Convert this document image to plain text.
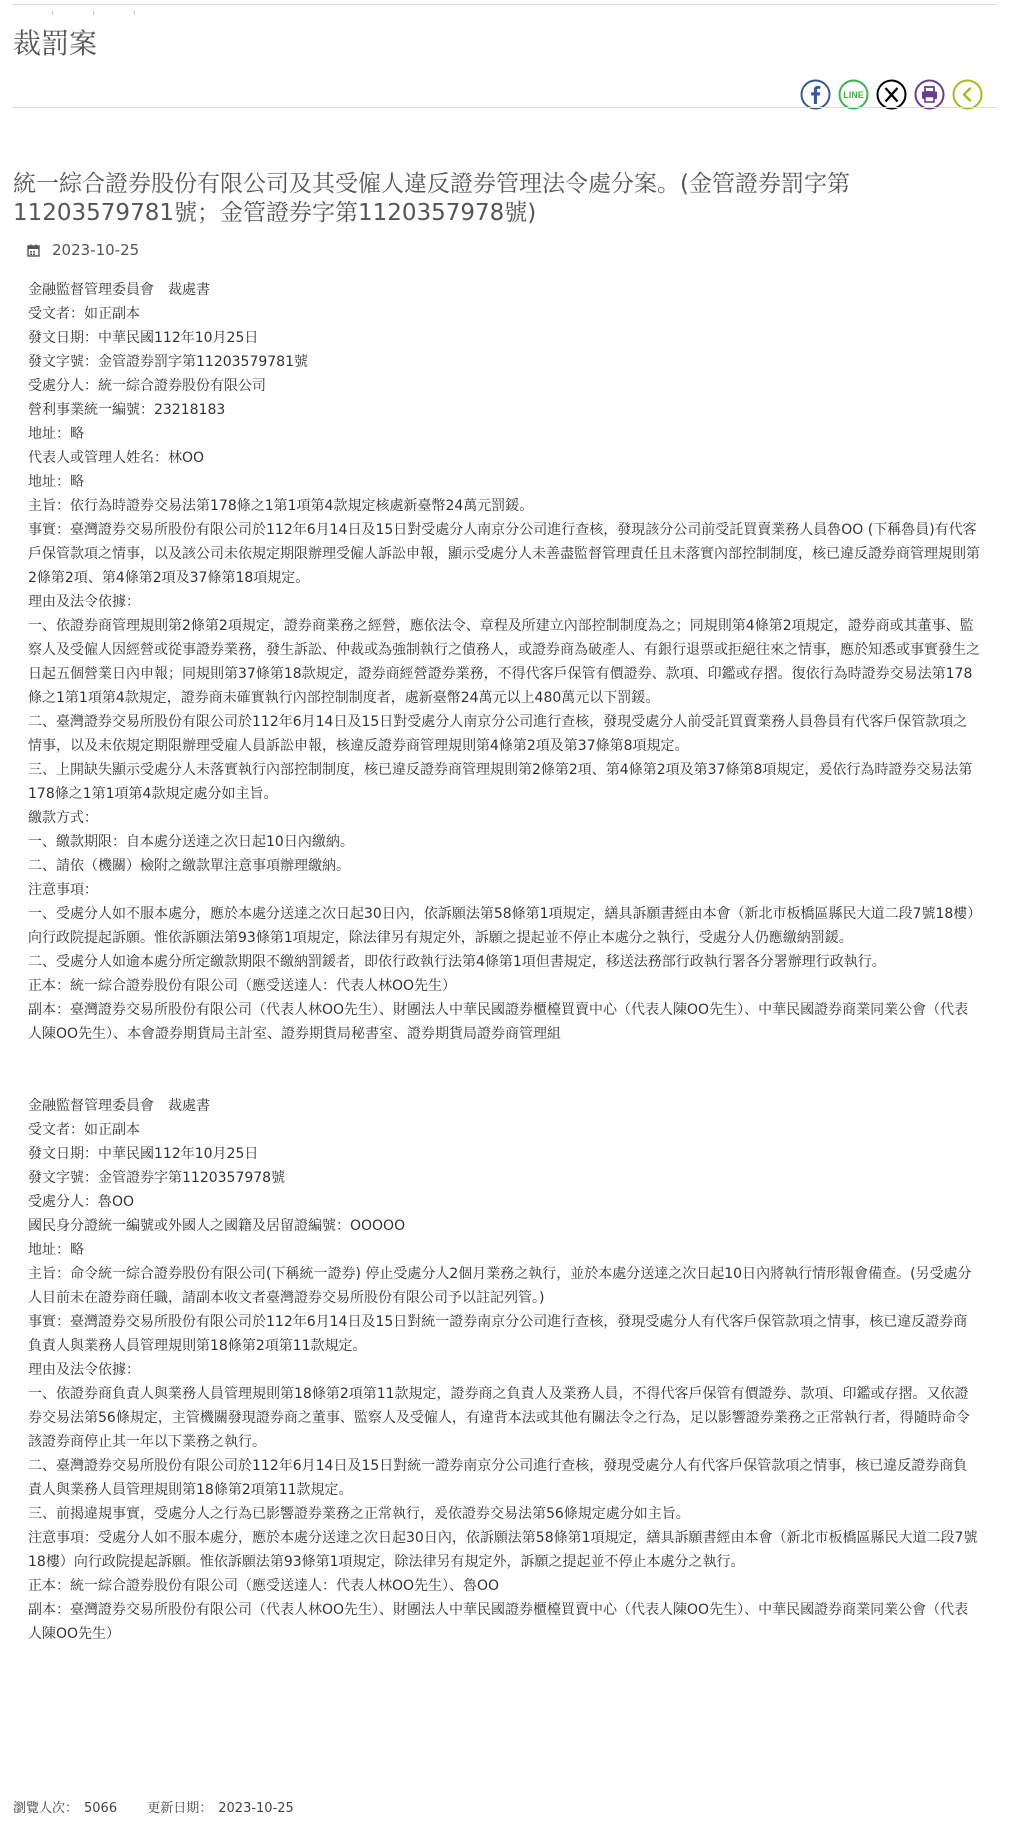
裁罰案
LINE
統一綜合證券股份有限公司及其受僱人違反證券管理法令處分案。(金管證券罰字第11203579781號；金管證券字第1120357978號)
2023-10-25

金融監督管理委員會　裁處書

受文者：如正副本

發文日期：中華民國112年10月25日

發文字號：金管證券罰字第11203579781號

受處分人：統一綜合證券股份有限公司

營利事業統一編號：23218183

地址：略

代表人或管理人姓名：林OO

地址：略

主旨：依行為時證券交易法第178條之1第1項第4款規定核處新臺幣24萬元罰鍰。

事實：臺灣證券交易所股份有限公司於112年6月14日及15日對受處分人南京分公司進行查核，發現該分公司前受託買賣業務人員魯OO (下稱魯員)有代客戶保管款項之情事，以及該公司未依規定期限辦理受僱人訴訟申報，顯示受處分人未善盡監督管理責任且未落實內部控制制度，核已違反證券商管理規則第2條第2項、第4條第2項及37條第18項規定。

理由及法令依據：

一、依證券商管理規則第2條第2項規定，證券商業務之經營，應依法令、章程及所建立內部控制制度為之；同規則第4條第2項規定，證券商或其董事、監察人及受僱人因經營或從事證券業務，發生訴訟、仲裁或為強制執行之債務人，或證券商為破產人、有銀行退票或拒絕往來之情事，應於知悉或事實發生之日起五個營業日內申報；同規則第37條第18款規定，證券商經營證券業務，不得代客戶保管有價證券、款項、印鑑或存摺。復依行為時證券交易法第178條之1第1項第4款規定，證券商未確實執行內部控制制度者，處新臺幣24萬元以上480萬元以下罰鍰。

二、臺灣證券交易所股份有限公司於112年6月14日及15日對受處分人南京分公司進行查核，發現受處分人前受託買賣業務人員魯員有代客戶保管款項之情事，以及未依規定期限辦理受雇人員訴訟申報，核違反證券商管理規則第4條第2項及第37條第8項規定。

三、上開缺失顯示受處分人未落實執行內部控制制度，核已違反證券商管理規則第2條第2項、第4條第2項及第37條第8項規定，爰依行為時證券交易法第178條之1第1項第4款規定處分如主旨。

繳款方式：

一、繳款期限：自本處分送達之次日起10日內繳納。

二、請依（機關）檢附之繳款單注意事項辦理繳納。

注意事項：

一、受處分人如不服本處分，應於本處分送達之次日起30日內，依訴願法第58條第1項規定，繕具訴願書經由本會（新北市板橋區縣民大道二段7號18樓）向行政院提起訴願。惟依訴願法第93條第1項規定，除法律另有規定外，訴願之提起並不停止本處分之執行，受處分人仍應繳納罰鍰。

二、受處分人如逾本處分所定繳款期限不繳納罰鍰者，即依行政執行法第4條第1項但書規定，移送法務部行政執行署各分署辦理行政執行。

正本：統一綜合證券股份有限公司（應受送達人：代表人林OO先生）

副本：臺灣證券交易所股份有限公司（代表人林OO先生）、財團法人中華民國證券櫃檯買賣中心（代表人陳OO先生）、中華民國證券商業同業公會（代表人陳OO先生）、本會證券期貨局主計室、證券期貨局秘書室、證券期貨局證券商管理組

金融監督管理委員會　裁處書

受文者：如正副本

發文日期：中華民國112年10月25日

發文字號：金管證券字第1120357978號

受處分人：魯OO

國民身分證統一編號或外國人之國籍及居留證編號：OOOOO

地址：略

主旨：命令統一綜合證券股份有限公司(下稱統一證券) 停止受處分人2個月業務之執行，並於本處分送達之次日起10日內將執行情形報會備查。(另受處分人目前未在證券商任職，請副本收文者臺灣證券交易所股份有限公司予以註記列管。)

事實：臺灣證券交易所股份有限公司於112年6月14日及15日對統一證券南京分公司進行查核，發現受處分人有代客戶保管款項之情事，核已違反證券商負責人與業務人員管理規則第18條第2項第11款規定。

理由及法令依據：

一、依證券商負責人與業務人員管理規則第18條第2項第11款規定，證券商之負責人及業務人員，不得代客戶保管有價證券、款項、印鑑或存摺。又依證券交易法第56條規定，主管機關發現證券商之董事、監察人及受僱人，有違背本法或其他有關法令之行為，足以影響證券業務之正常執行者，得隨時命令該證券商停止其一年以下業務之執行。

二、臺灣證券交易所股份有限公司於112年6月14日及15日對統一證券南京分公司進行查核，發現受處分人有代客戶保管款項之情事，核已違反證券商負責人與業務人員管理規則第18條第2項第11款規定。

三、前揭違規事實，受處分人之行為已影響證券業務之正常執行，爰依證券交易法第56條規定處分如主旨。

注意事項：受處分人如不服本處分，應於本處分送達之次日起30日內，依訴願法第58條第1項規定，繕具訴願書經由本會（新北市板橋區縣民大道二段7號18樓）向行政院提起訴願。惟依訴願法第93條第1項規定，除法律另有規定外，訴願之提起並不停止本處分之執行。

正本：統一綜合證券股份有限公司（應受送達人：代表人林OO先生）、魯OO

副本：臺灣證券交易所股份有限公司（代表人林OO先生）、財團法人中華民國證券櫃檯買賣中心（代表人陳OO先生）、中華民國證券商業同業公會（代表人陳OO先生）

瀏覽人次： 5066 更新日期： 2023-10-25
